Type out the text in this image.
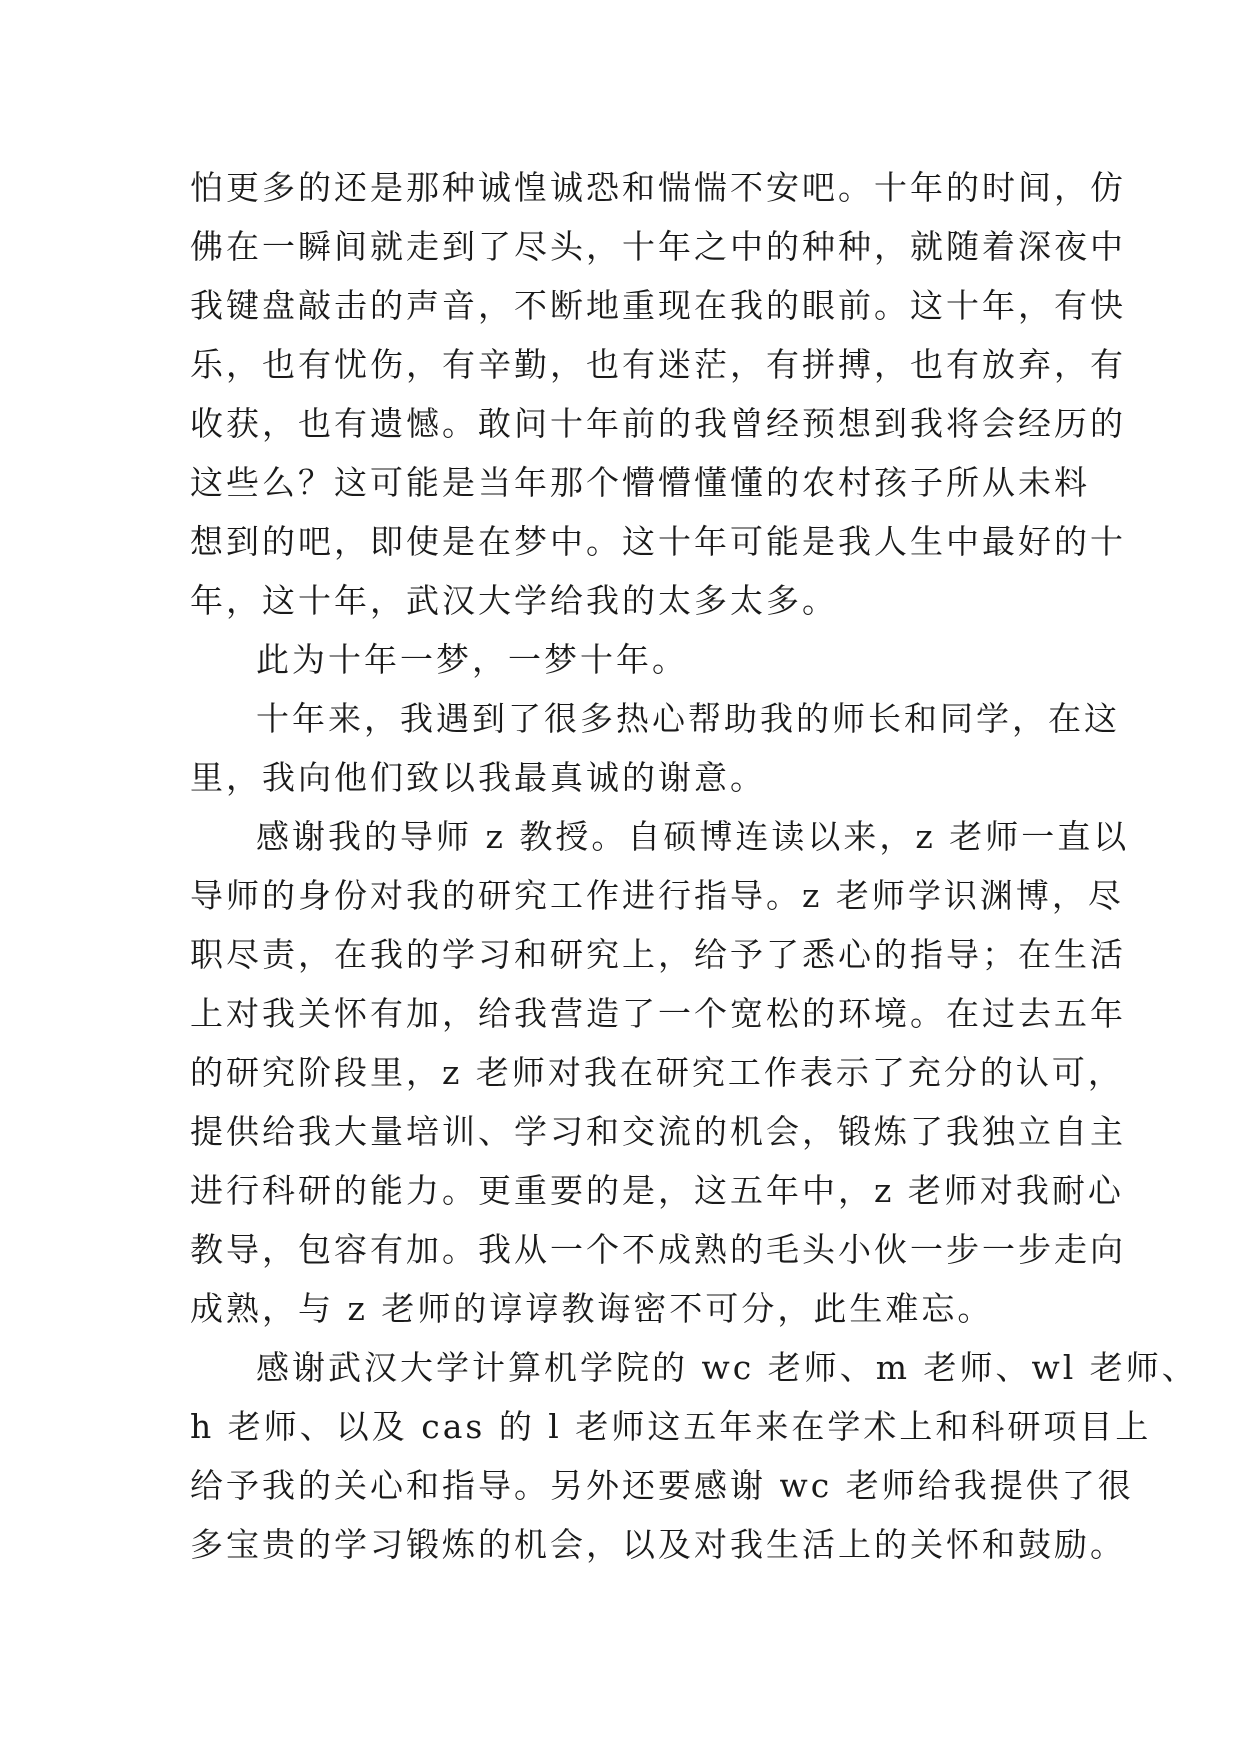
怕更多的还是那种诚惶诚恐和惴惴不安吧。十年的时间，仿
佛在一瞬间就走到了尽头，十年之中的种种，就随着深夜中
我键盘敲击的声音，不断地重现在我的眼前。这十年，有快
乐，也有忧伤，有辛勤，也有迷茫，有拼搏，也有放弃，有
收获，也有遗憾。敢问十年前的我曾经预想到我将会经历的
这些么？这可能是当年那个懵懵懂懂的农村孩子所从未料
想到的吧，即使是在梦中。这十年可能是我人生中最好的十
年，这十年，武汉大学给我的太多太多。
此为十年一梦，一梦十年。
十年来，我遇到了很多热心帮助我的师长和同学，在这
里，我向他们致以我最真诚的谢意。
感谢我的导师 z 教授。自硕博连读以来，z 老师一直以
导师的身份对我的研究工作进行指导。z 老师学识渊博，尽
职尽责，在我的学习和研究上，给予了悉心的指导；在生活
上对我关怀有加，给我营造了一个宽松的环境。在过去五年
的研究阶段里，z 老师对我在研究工作表示了充分的认可，
提供给我大量培训、学习和交流的机会，锻炼了我独立自主
进行科研的能力。更重要的是，这五年中，z 老师对我耐心
教导，包容有加。我从一个不成熟的毛头小伙一步一步走向
成熟，与 z 老师的谆谆教诲密不可分，此生难忘。
感谢武汉大学计算机学院的 wc 老师、m 老师、wl 老师、
h 老师、以及 cas 的 l 老师这五年来在学术上和科研项目上
给予我的关心和指导。另外还要感谢 wc 老师给我提供了很
多宝贵的学习锻炼的机会，以及对我生活上的关怀和鼓励。
